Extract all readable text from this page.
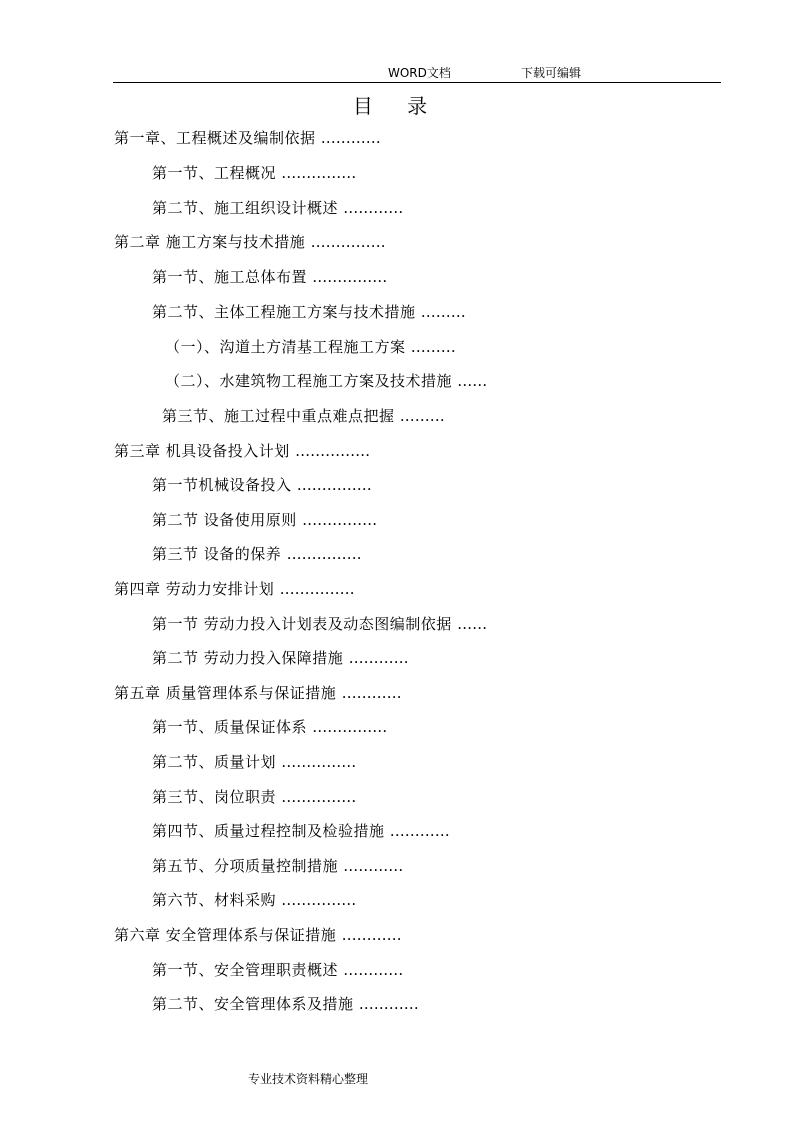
WORD文档	下载可编辑
目 录
第一章、工程概述及编制依据 …………
第一节、工程概况 ……………
第二节、施工组织设计概述 …………
第二章 施工方案与技术措施 ……………
第一节、施工总体布置 ……………
第二节、主体工程施工方案与技术措施 ………
（一）、沟道土方清基工程施工方案 ………
（二）、水建筑物工程施工方案及技术措施 ……
第三节、施工过程中重点难点把握 ………
第三章 机具设备投入计划 ……………
第一节机械设备投入 ……………
第二节 设备使用原则 ……………
第三节 设备的保养 ……………
第四章 劳动力安排计划 ……………
第一节 劳动力投入计划表及动态图编制依据 ……
第二节 劳动力投入保障措施 …………
第五章 质量管理体系与保证措施 …………
第一节、质量保证体系 ……………
第二节、质量计划 ……………
第三节、岗位职责 ……………
第四节、质量过程控制及检验措施 …………
第五节、分项质量控制措施 …………
第六节、材料采购 ……………
第六章 安全管理体系与保证措施 …………
第一节、安全管理职责概述 …………
第二节、安全管理体系及措施 …………
专业技术资料精心整理
